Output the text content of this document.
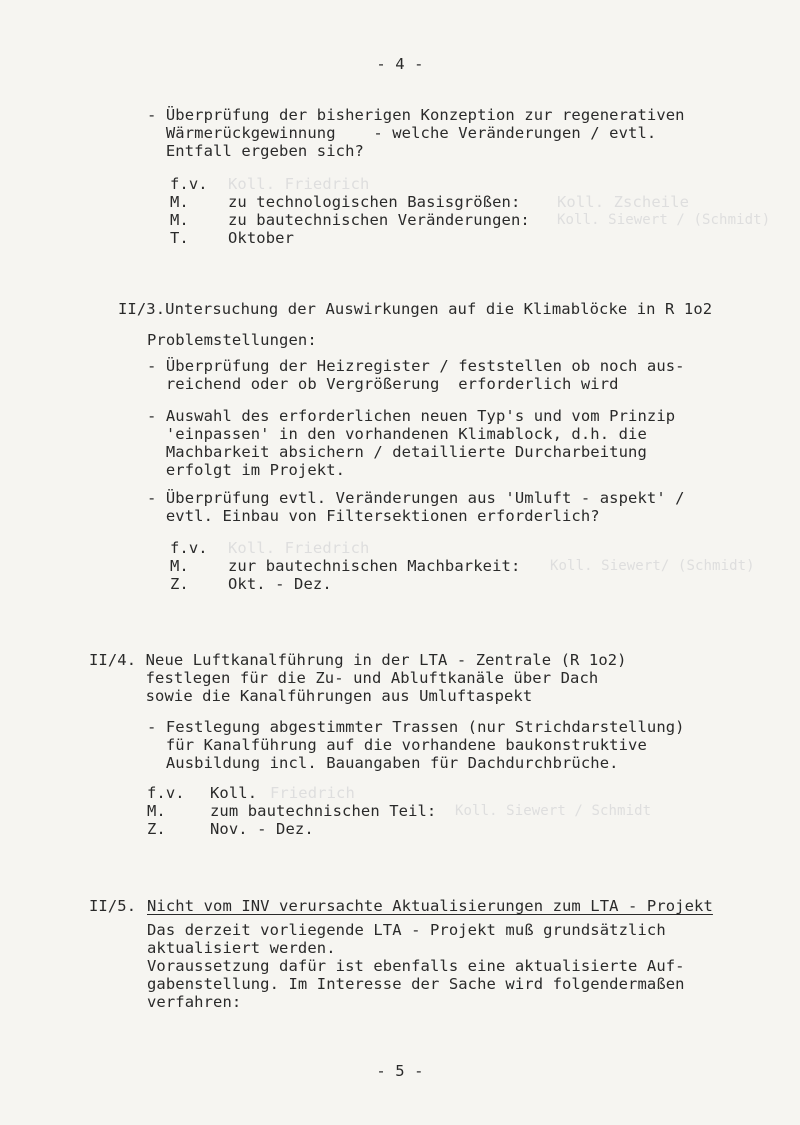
- 4 -
- Überprüfung der bisherigen Konzeption zur regenerativen
Wärmerückgewinnung    - welche Veränderungen / evtl.
Entfall ergeben sich?
f.v. Koll. Friedrich
M.	zu technologischen Basisgrößen: Koll. Zscheile
M.	zu bautechnischen Veränderungen: Koll. Siewert / (Schmidt)
T.	Oktober
II/3.Untersuchung der Auswirkungen auf die Klimablöcke in R 1o2
Problemstellungen:
- Überprüfung der Heizregister / feststellen ob noch aus-
reichend oder ob Vergrößerung  erforderlich wird
- Auswahl des erforderlichen neuen Typ's und vom Prinzip
'einpassen' in den vorhandenen Klimablock, d.h. die
Machbarkeit absichern / detaillierte Durcharbeitung
erfolgt im Projekt.
- Überprüfung evtl. Veränderungen aus 'Umluft - aspekt' /
evtl. Einbau von Filtersektionen erforderlich?
f.v. Koll. Friedrich
M.	zur bautechnischen Machbarkeit: Koll. Siewert/ (Schmidt)
Z.	Okt. - Dez.
II/4. Neue Luftkanalführung in der LTA - Zentrale (R 1o2)
festlegen für die Zu- und Abluftkanäle über Dach
sowie die Kanalführungen aus Umluftaspekt
- Festlegung abgestimmter Trassen (nur Strichdarstellung)
für Kanalführung auf die vorhandene baukonstruktive
Ausbildung incl. Bauangaben für Dachdurchbrüche.
f.v. Koll. Friedrich
M.	zum bautechnischen Teil: Koll. Siewert / Schmidt
Z.	Nov. - Dez.
II/5. Nicht vom INV verursachte Aktualisierungen zum LTA - Projekt
Das derzeit vorliegende LTA - Projekt muß grundsätzlich
aktualisiert werden.
Voraussetzung dafür ist ebenfalls eine aktualisierte Auf-
gabenstellung. Im Interesse der Sache wird folgendermaßen
verfahren:
- 5 -
